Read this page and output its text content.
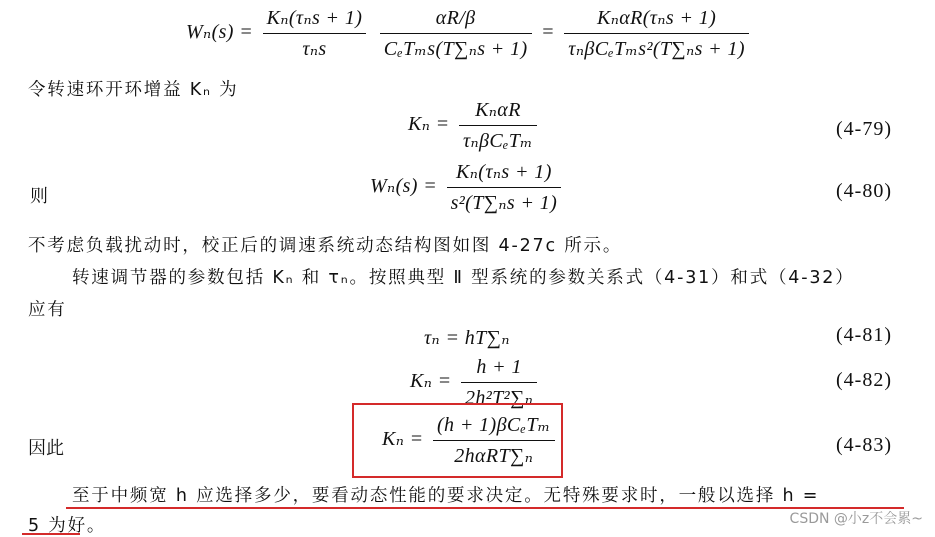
$W_n(s) = \frac{\text{Kₙ(τₙs + 1)}}{\text{τₙs}}$
$\frac{\alpha R/\beta}{\text{CₑTₘs(T∑ₙs + 1)}} = \frac{\text{KₙαR(τₙs + 1)}}{\text{τₙβCₑTₘs²(T∑ₙs + 1)}}$
令转速环开环增益 Kₙ 为
$K_n = \frac{\text{KₙαR}}{\text{τₙβCₑTₘ}}$	(4-79)
则	$W_n(s) = \frac{\text{Kₙ(τₙs + 1)}}{\text{s²(T∑ₙs + 1)}}$	(4-80)
不考虑负载扰动时，校正后的调速系统动态结构图如图 4-27c 所示。
转速调节器的参数包括 Kₙ 和 τₙ。按照典型 Ⅱ 型系统的参数关系式（4-31）和式（4-32）
应有
τₙ = hT∑ₙ	(4-81)
$K_n = \frac{h + 1}{\text{2h²T²∑ₙ}}$	(4-82)
因此	$K_n = \frac{\text{(h + 1)βCₑTₘ}}{\text{2hαRT∑ₙ}}$	(4-83)
至于中频宽 h 应选择多少，要看动态性能的要求决定。无特殊要求时，一般以选择 h =
5 为好。	CSDN @小z不会累~
